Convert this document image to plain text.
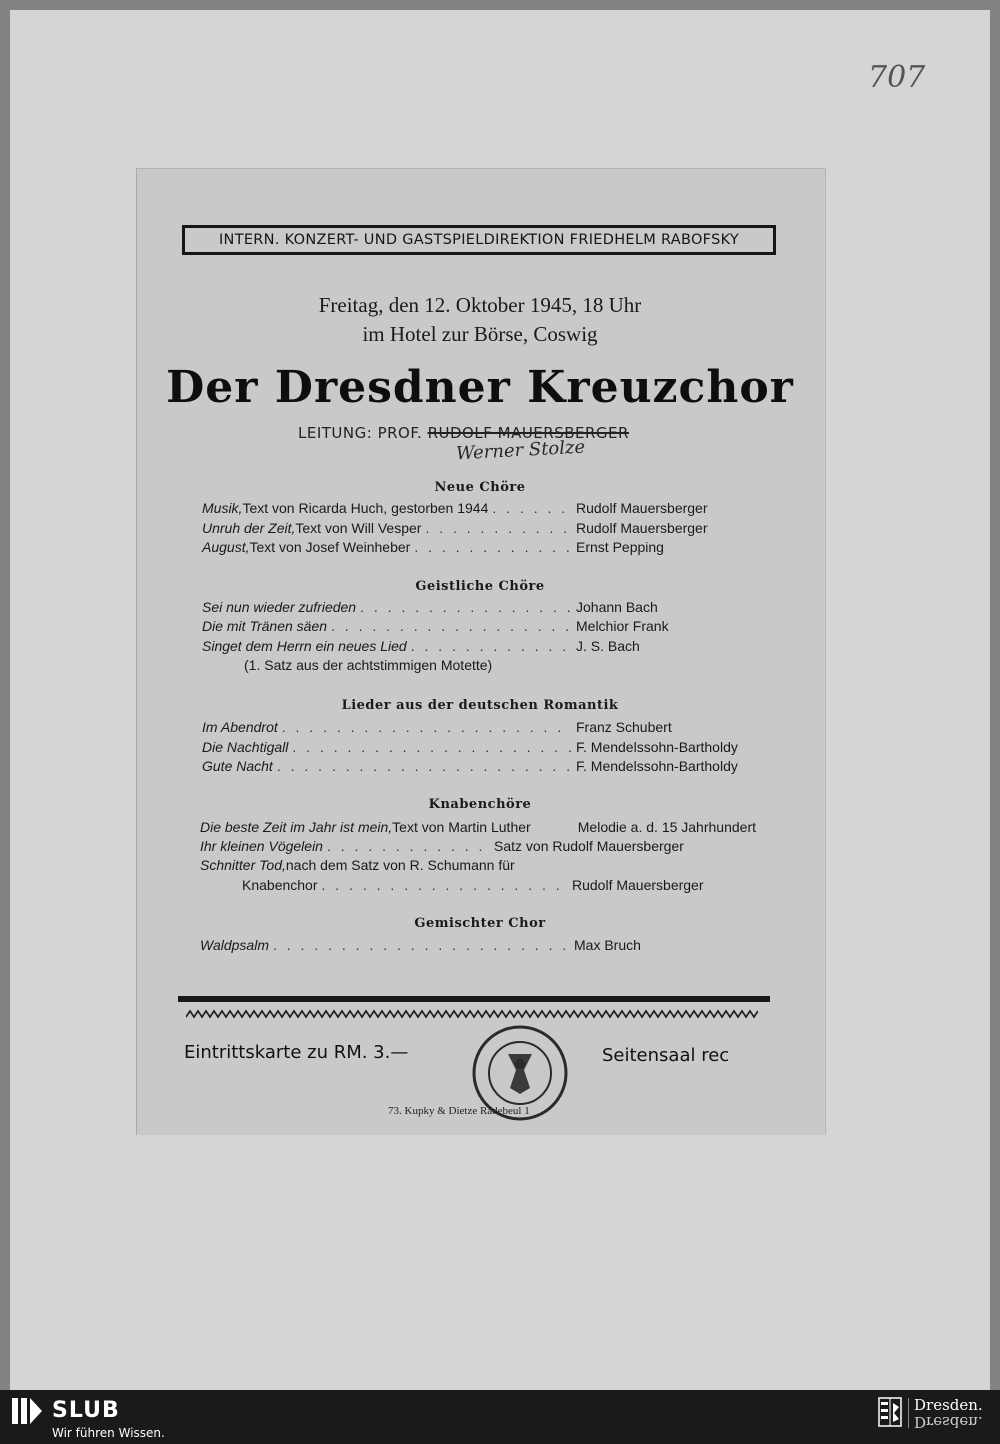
707
INTERN. KONZERT- UND GASTSPIELDIREKTION FRIEDHELM RABOFSKY
Freitag, den 12. Oktober 1945, 18 Uhr
im Hotel zur Börse, Coswig
Der Dresdner Kreuzchor
LEITUNG: PROF. RUDOLF MAUERSBERGER
Werner Stolze
Neue Chöre
Musik, Text von Ricarda Huch, gestorben 1944 . . .	Rudolf Mauersberger
Unruh der Zeit, Text von Will Vesper . . .	Rudolf Mauersberger
August, Text von Josef Weinheber . . .	Ernst Pepping
Geistliche Chöre
Sei nun wieder zufrieden . . .	Johann Bach
Die mit Tränen säen . . .	Melchior Frank
Singet dem Herrn ein neues Lied . . .	J. S. Bach
(1. Satz aus der achtstimmigen Motette)
Lieder aus der deutschen Romantik
Im Abendrot . . .	Franz Schubert
Die Nachtigall . . .	F. Mendelssohn-Bartholdy
Gute Nacht . . .	F. Mendelssohn-Bartholdy
Knabenchöre
Die beste Zeit im Jahr ist mein, Text von Martin Luther	Melodie a. d. 15 Jahrhundert
Ihr kleinen Vögelein . . .	Satz von Rudolf Mauersberger
Schnitter Tod, nach dem Satz von R. Schumann für
Knabenchor . . .	Rudolf Mauersberger
Gemischter Chor
Waldpsalm . . .	Max Bruch
Eintrittskarte zu RM. 3.—	Seitensaal rec
73. Kupky & Dietze Radebeul 1
SLUB
Wir führen Wissen.
Dresden.
Dresden.
